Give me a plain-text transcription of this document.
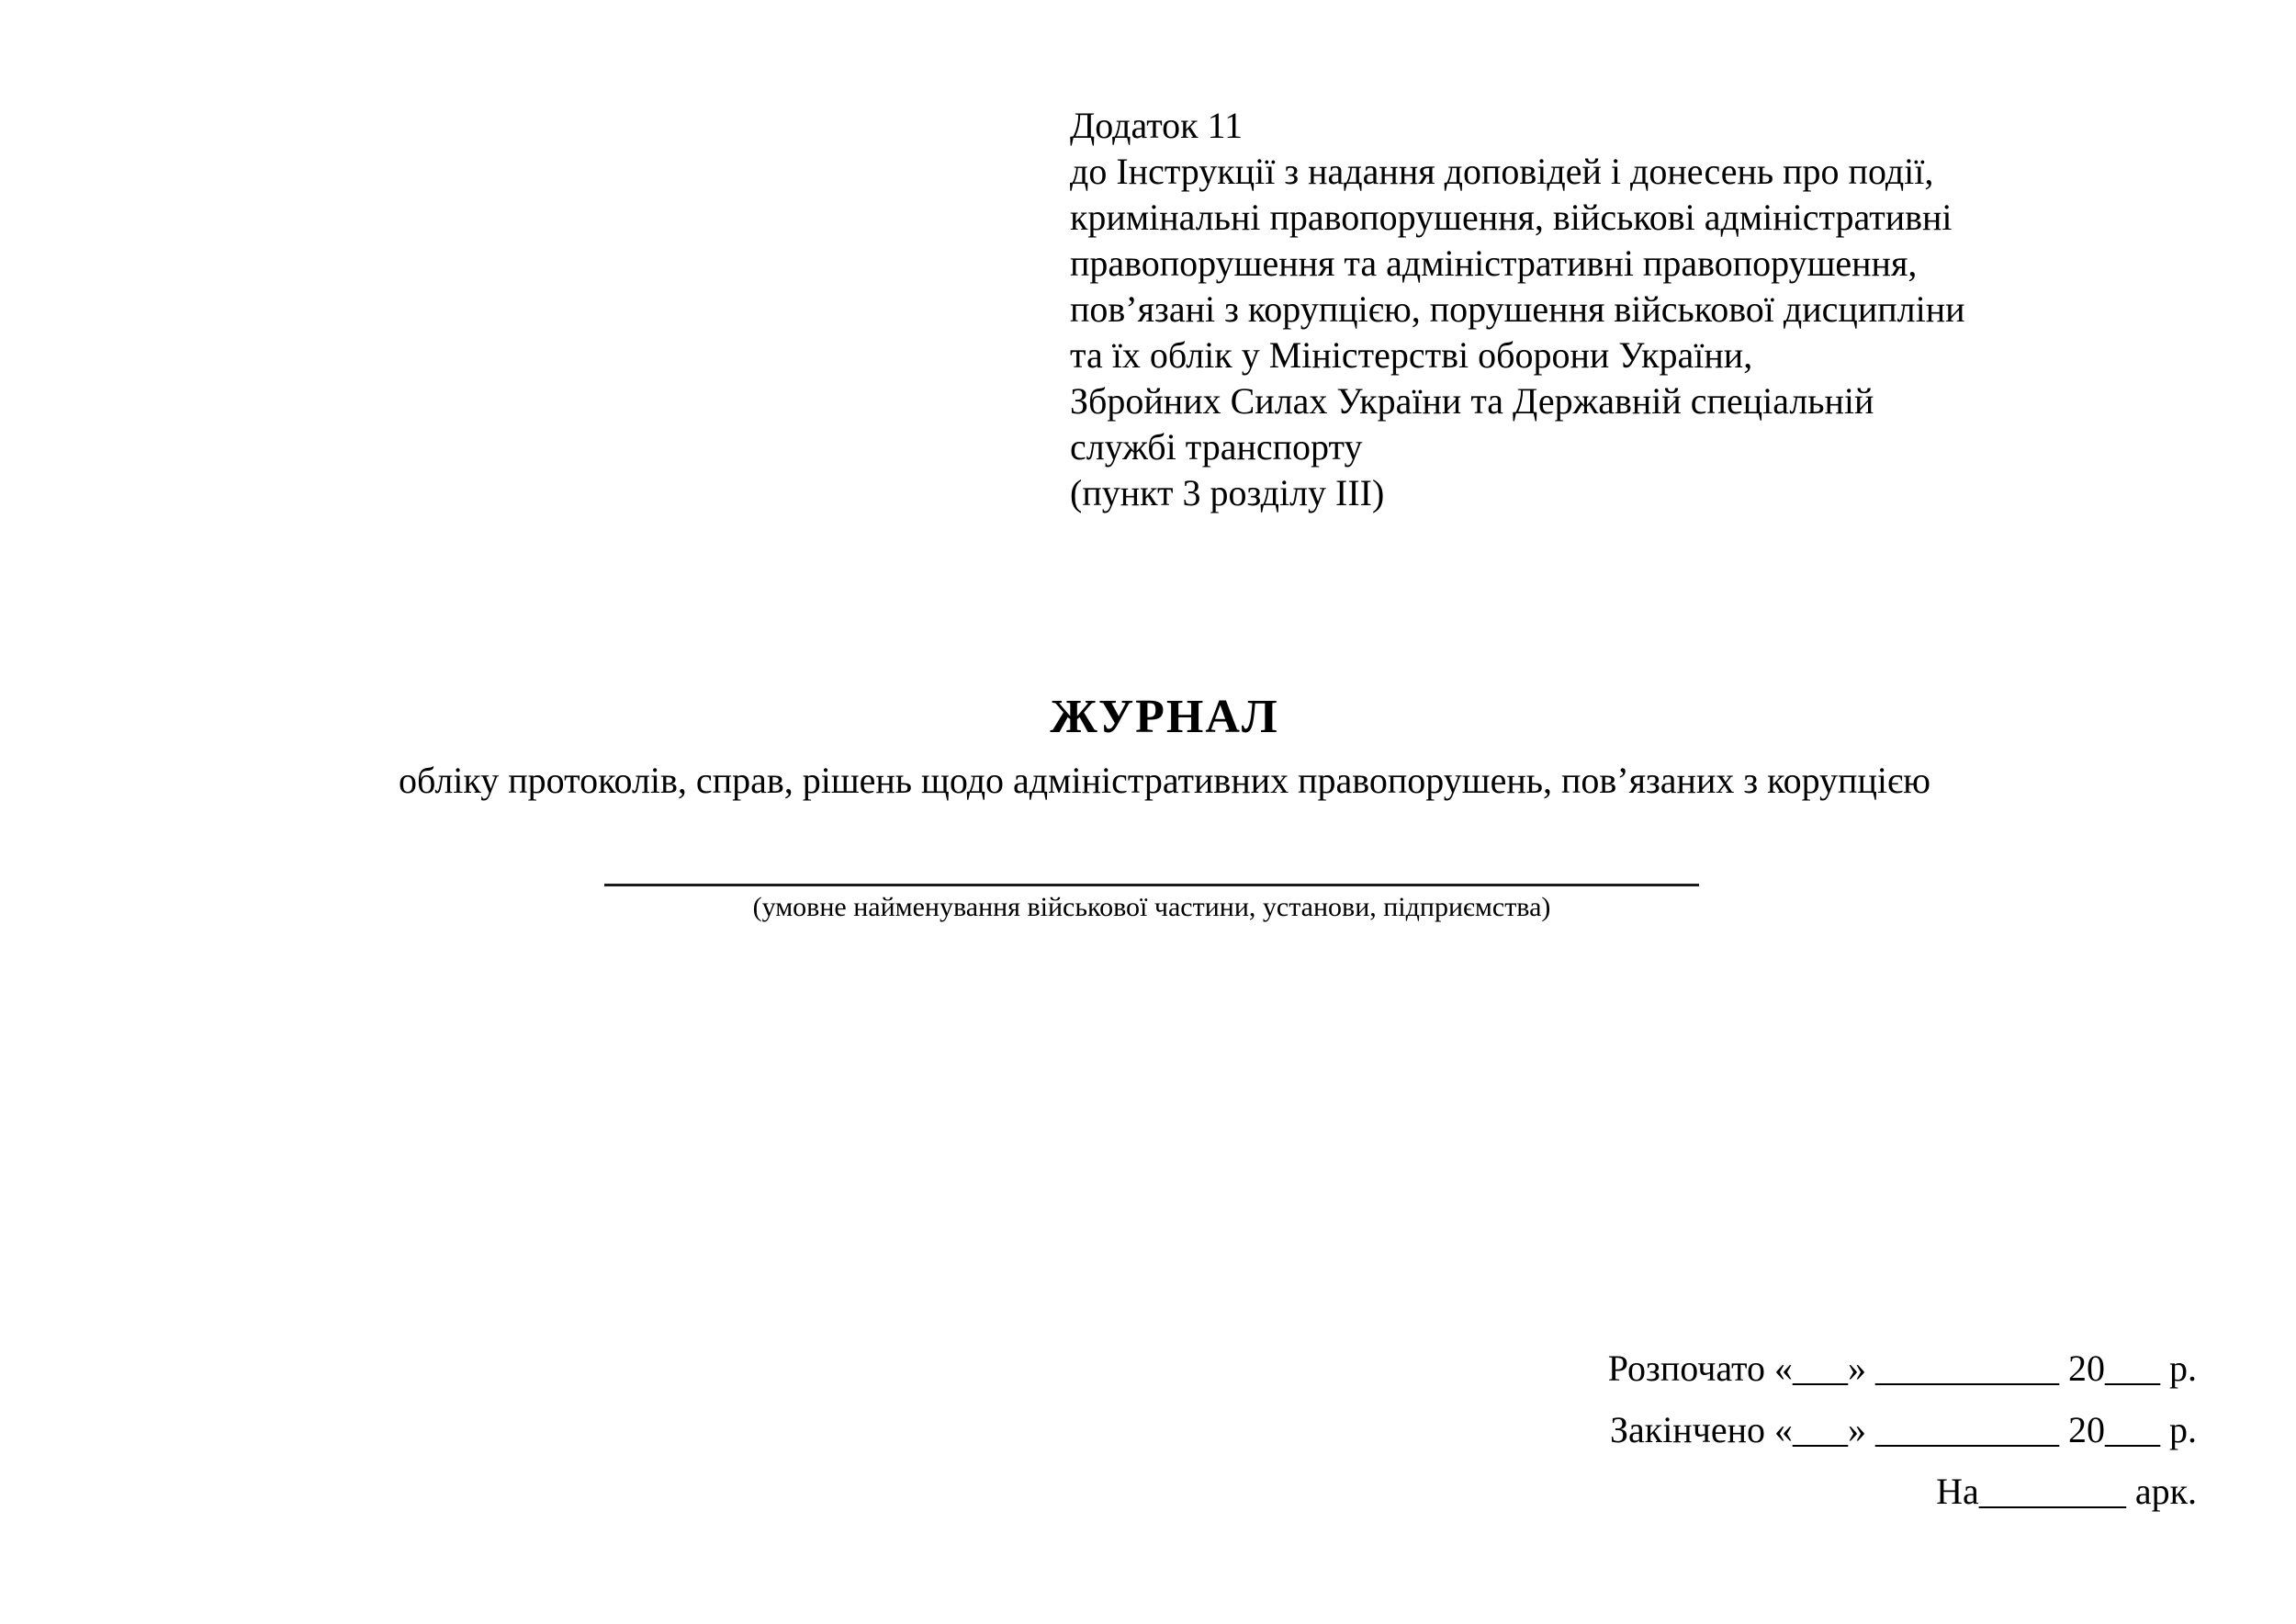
Додаток 11
до Інструкції з надання доповідей і донесень про події,
кримінальні правопорушення, військові адміністративні
правопорушення та адміністративні правопорушення,
пов’язані з корупцією, порушення військової дисципліни
та їх облік у Міністерстві оборони України,
Збройних Силах України та Державній спеціальній
службі транспорту
(пункт 3 розділу III)
ЖУРНАЛ
обліку протоколів, справ, рішень щодо адміністративних правопорушень, пов’язаних з корупцією
(умовне найменування військової частини, установи, підприємства)
Розпочато «___» __________ 20___ р.
Закінчено «___» __________ 20___ р.
На________ арк.
